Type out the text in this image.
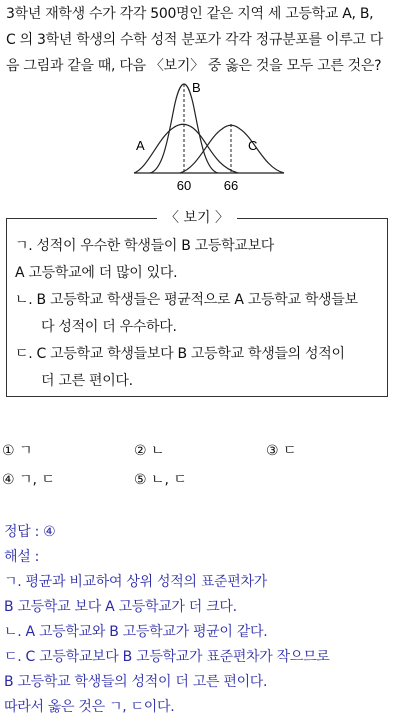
3학년 재학생 수가 각각 500명인 같은 지역 세 고등학교 A, B,
C 의 3학년 학생의 수학 성적 분포가 각각 정규분포를 이루고 다
음 그림과 같을 때, 다음 〈보기〉 중 옳은 것을 모두 고른 것은?
B
A	C
60	66
〈 보기 〉
ㄱ. 성적이 우수한 학생들이 B 고등학교보다
A 고등학교에 더 많이 있다.
ㄴ. B 고등학교 학생들은 평균적으로 A 고등학교 학생들보
다 성적이 더 우수하다.
ㄷ. C 고등학교 학생들보다 B 고등학교 학생들의 성적이
더 고른 편이다.
① ㄱ	② ㄴ	③ ㄷ
④ ㄱ, ㄷ	⑤ ㄴ, ㄷ
정답 : ④
해설 :
ㄱ. 평균과 비교하여 상위 성적의 표준편차가
B 고등학교 보다 A 고등학교가 더 크다.
ㄴ. A 고등학교와 B 고등학교가 평균이 같다.
ㄷ. C 고등학교보다 B 고등학교가 표준편차가 작으므로
B 고등학교 학생들의 성적이 더 고른 편이다.
따라서 옳은 것은 ㄱ, ㄷ이다.
